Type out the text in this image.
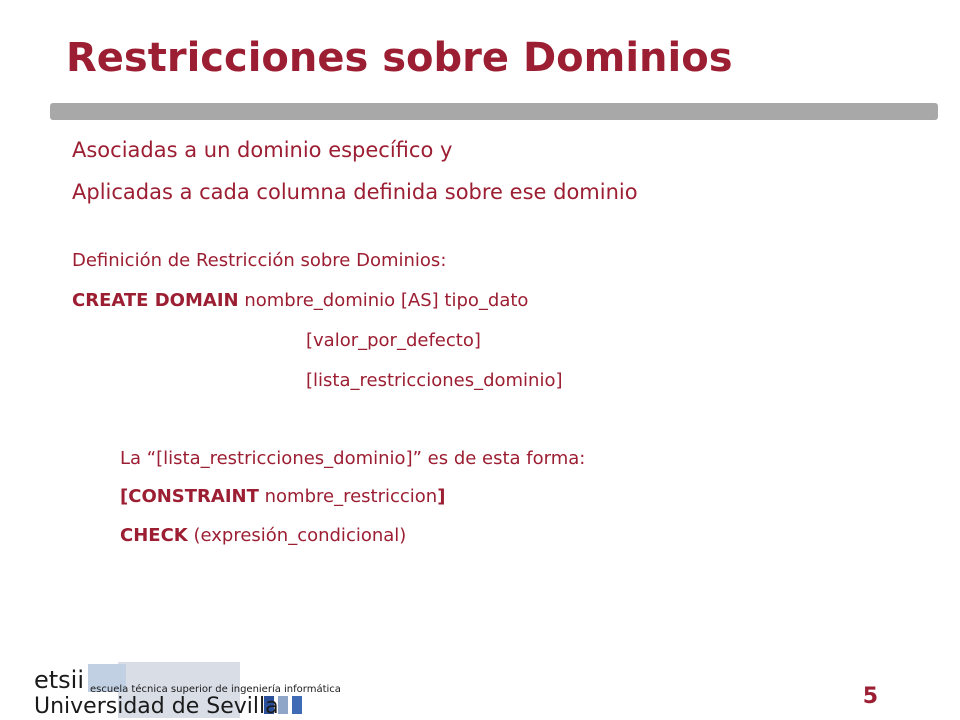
Restricciones sobre Dominios
Asociadas a un dominio específico y
Aplicadas a cada columna definida sobre ese dominio
Definición de Restricción sobre Dominios:
CREATE DOMAIN nombre_dominio [AS] tipo_dato
[valor_por_defecto]
[lista_restricciones_dominio]
La “[lista_restricciones_dominio]” es de esta forma:
[CONSTRAINT nombre_restriccion]
CHECK (expresión_condicional)
etsii escuela técnica superior de ingeniería informática
Universidad de Sevilla	5
